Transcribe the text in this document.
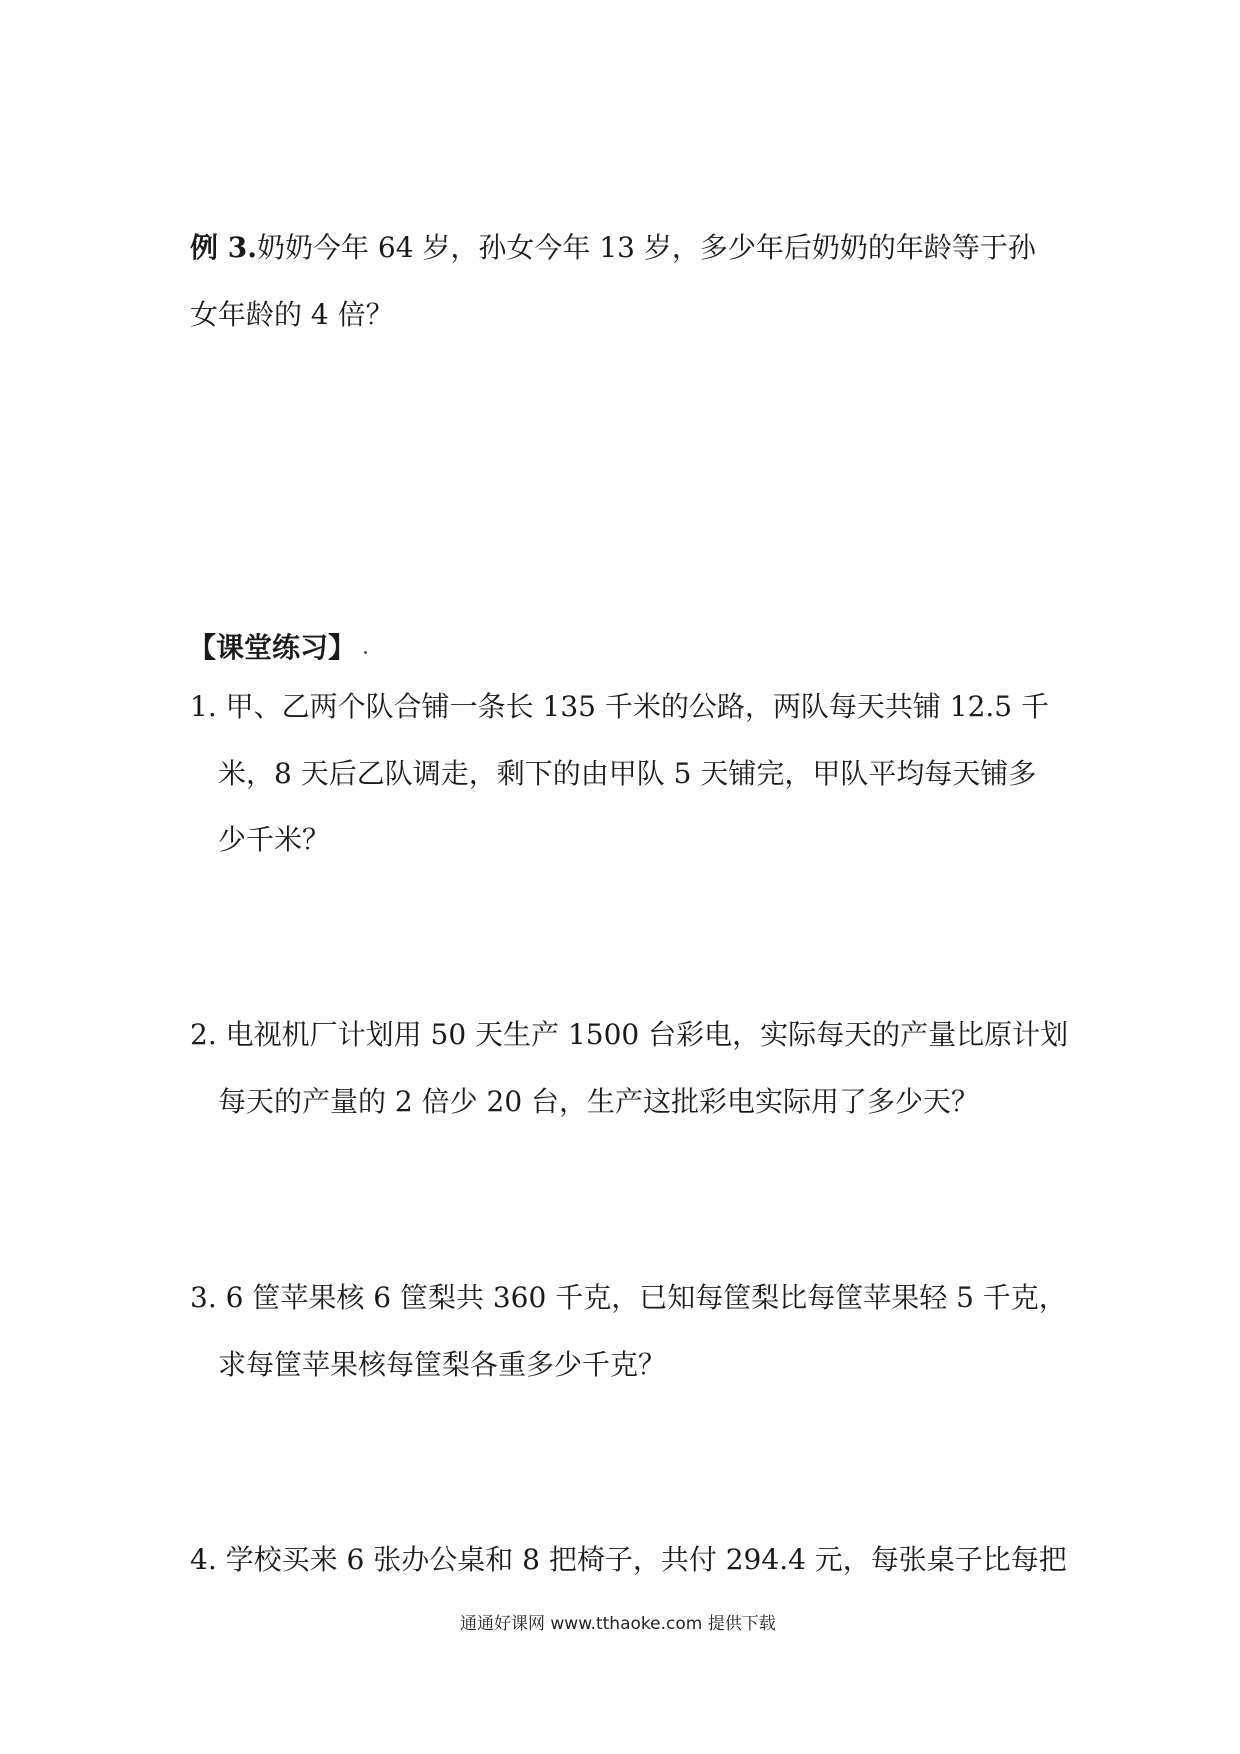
例 3.奶奶今年 64 岁，孙女今年 13 岁，多少年后奶奶的年龄等于孙
女年龄的 4 倍？
【课堂练习】
1. 甲、乙两个队合铺一条长 135 千米的公路，两队每天共铺 12.5 千
米，8 天后乙队调走，剩下的由甲队 5 天铺完，甲队平均每天铺多
少千米？
2. 电视机厂计划用 50 天生产 1500 台彩电，实际每天的产量比原计划
每天的产量的 2 倍少 20 台，生产这批彩电实际用了多少天？
3. 6 筐苹果核 6 筐梨共 360 千克，已知每筐梨比每筐苹果轻 5 千克，
求每筐苹果核每筐梨各重多少千克？
4. 学校买来 6 张办公桌和 8 把椅子，共付 294.4 元，每张桌子比每把
通通好课网 www.tthaoke.com 提供下载
